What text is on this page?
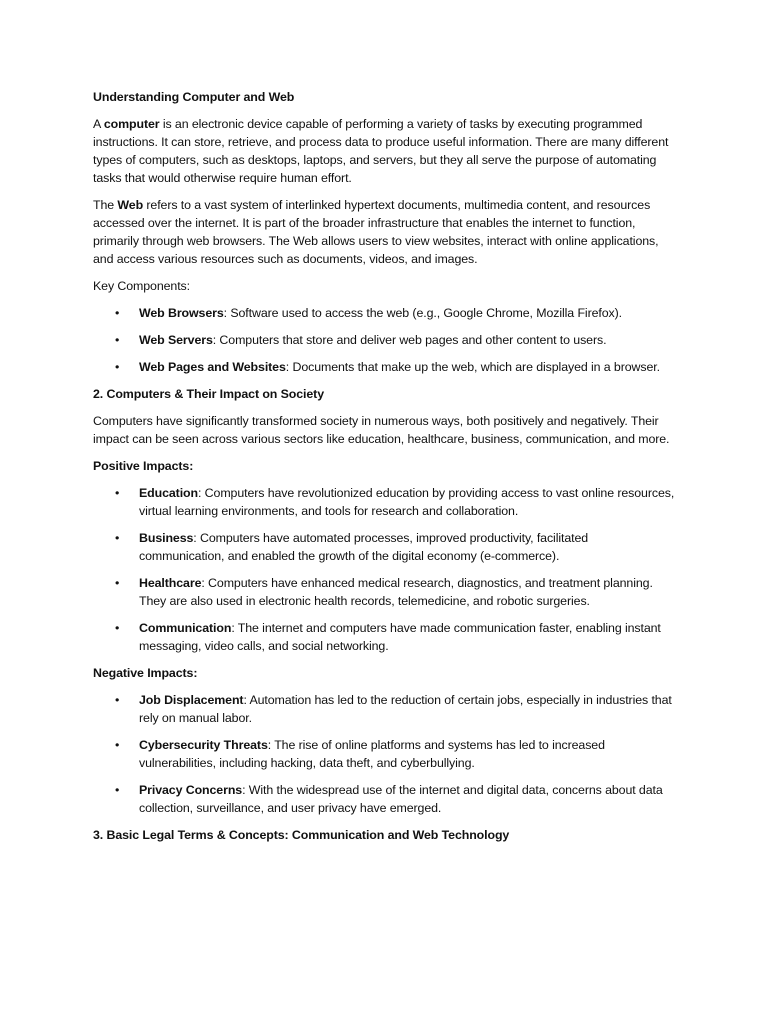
Understanding Computer and Web

A computer is an electronic device capable of performing a variety of tasks by executing programmed instructions. It can store, retrieve, and process data to produce useful information. There are many different types of computers, such as desktops, laptops, and servers, but they all serve the purpose of automating tasks that would otherwise require human effort.

The Web refers to a vast system of interlinked hypertext documents, multimedia content, and resources accessed over the internet. It is part of the broader infrastructure that enables the internet to function, primarily through web browsers. The Web allows users to view websites, interact with online applications, and access various resources such as documents, videos, and images.

Key Components:

•	Web Browsers: Software used to access the web (e.g., Google Chrome, Mozilla Firefox).
•	Web Servers: Computers that store and deliver web pages and other content to users.
•	Web Pages and Websites: Documents that make up the web, which are displayed in a browser.
2. Computers & Their Impact on Society

Computers have significantly transformed society in numerous ways, both positively and negatively. Their impact can be seen across various sectors like education, healthcare, business, communication, and more.

Positive Impacts:
•	Education: Computers have revolutionized education by providing access to vast online resources, virtual learning environments, and tools for research and collaboration.
•	Business: Computers have automated processes, improved productivity, facilitated communication, and enabled the growth of the digital economy (e-commerce).
•	Healthcare: Computers have enhanced medical research, diagnostics, and treatment planning. They are also used in electronic health records, telemedicine, and robotic surgeries.
•	Communication: The internet and computers have made communication faster, enabling instant messaging, video calls, and social networking.
Negative Impacts:
•	Job Displacement: Automation has led to the reduction of certain jobs, especially in industries that rely on manual labor.
•	Cybersecurity Threats: The rise of online platforms and systems has led to increased vulnerabilities, including hacking, data theft, and cyberbullying.
•	Privacy Concerns: With the widespread use of the internet and digital data, concerns about data collection, surveillance, and user privacy have emerged.
3. Basic Legal Terms & Concepts: Communication and Web Technology
